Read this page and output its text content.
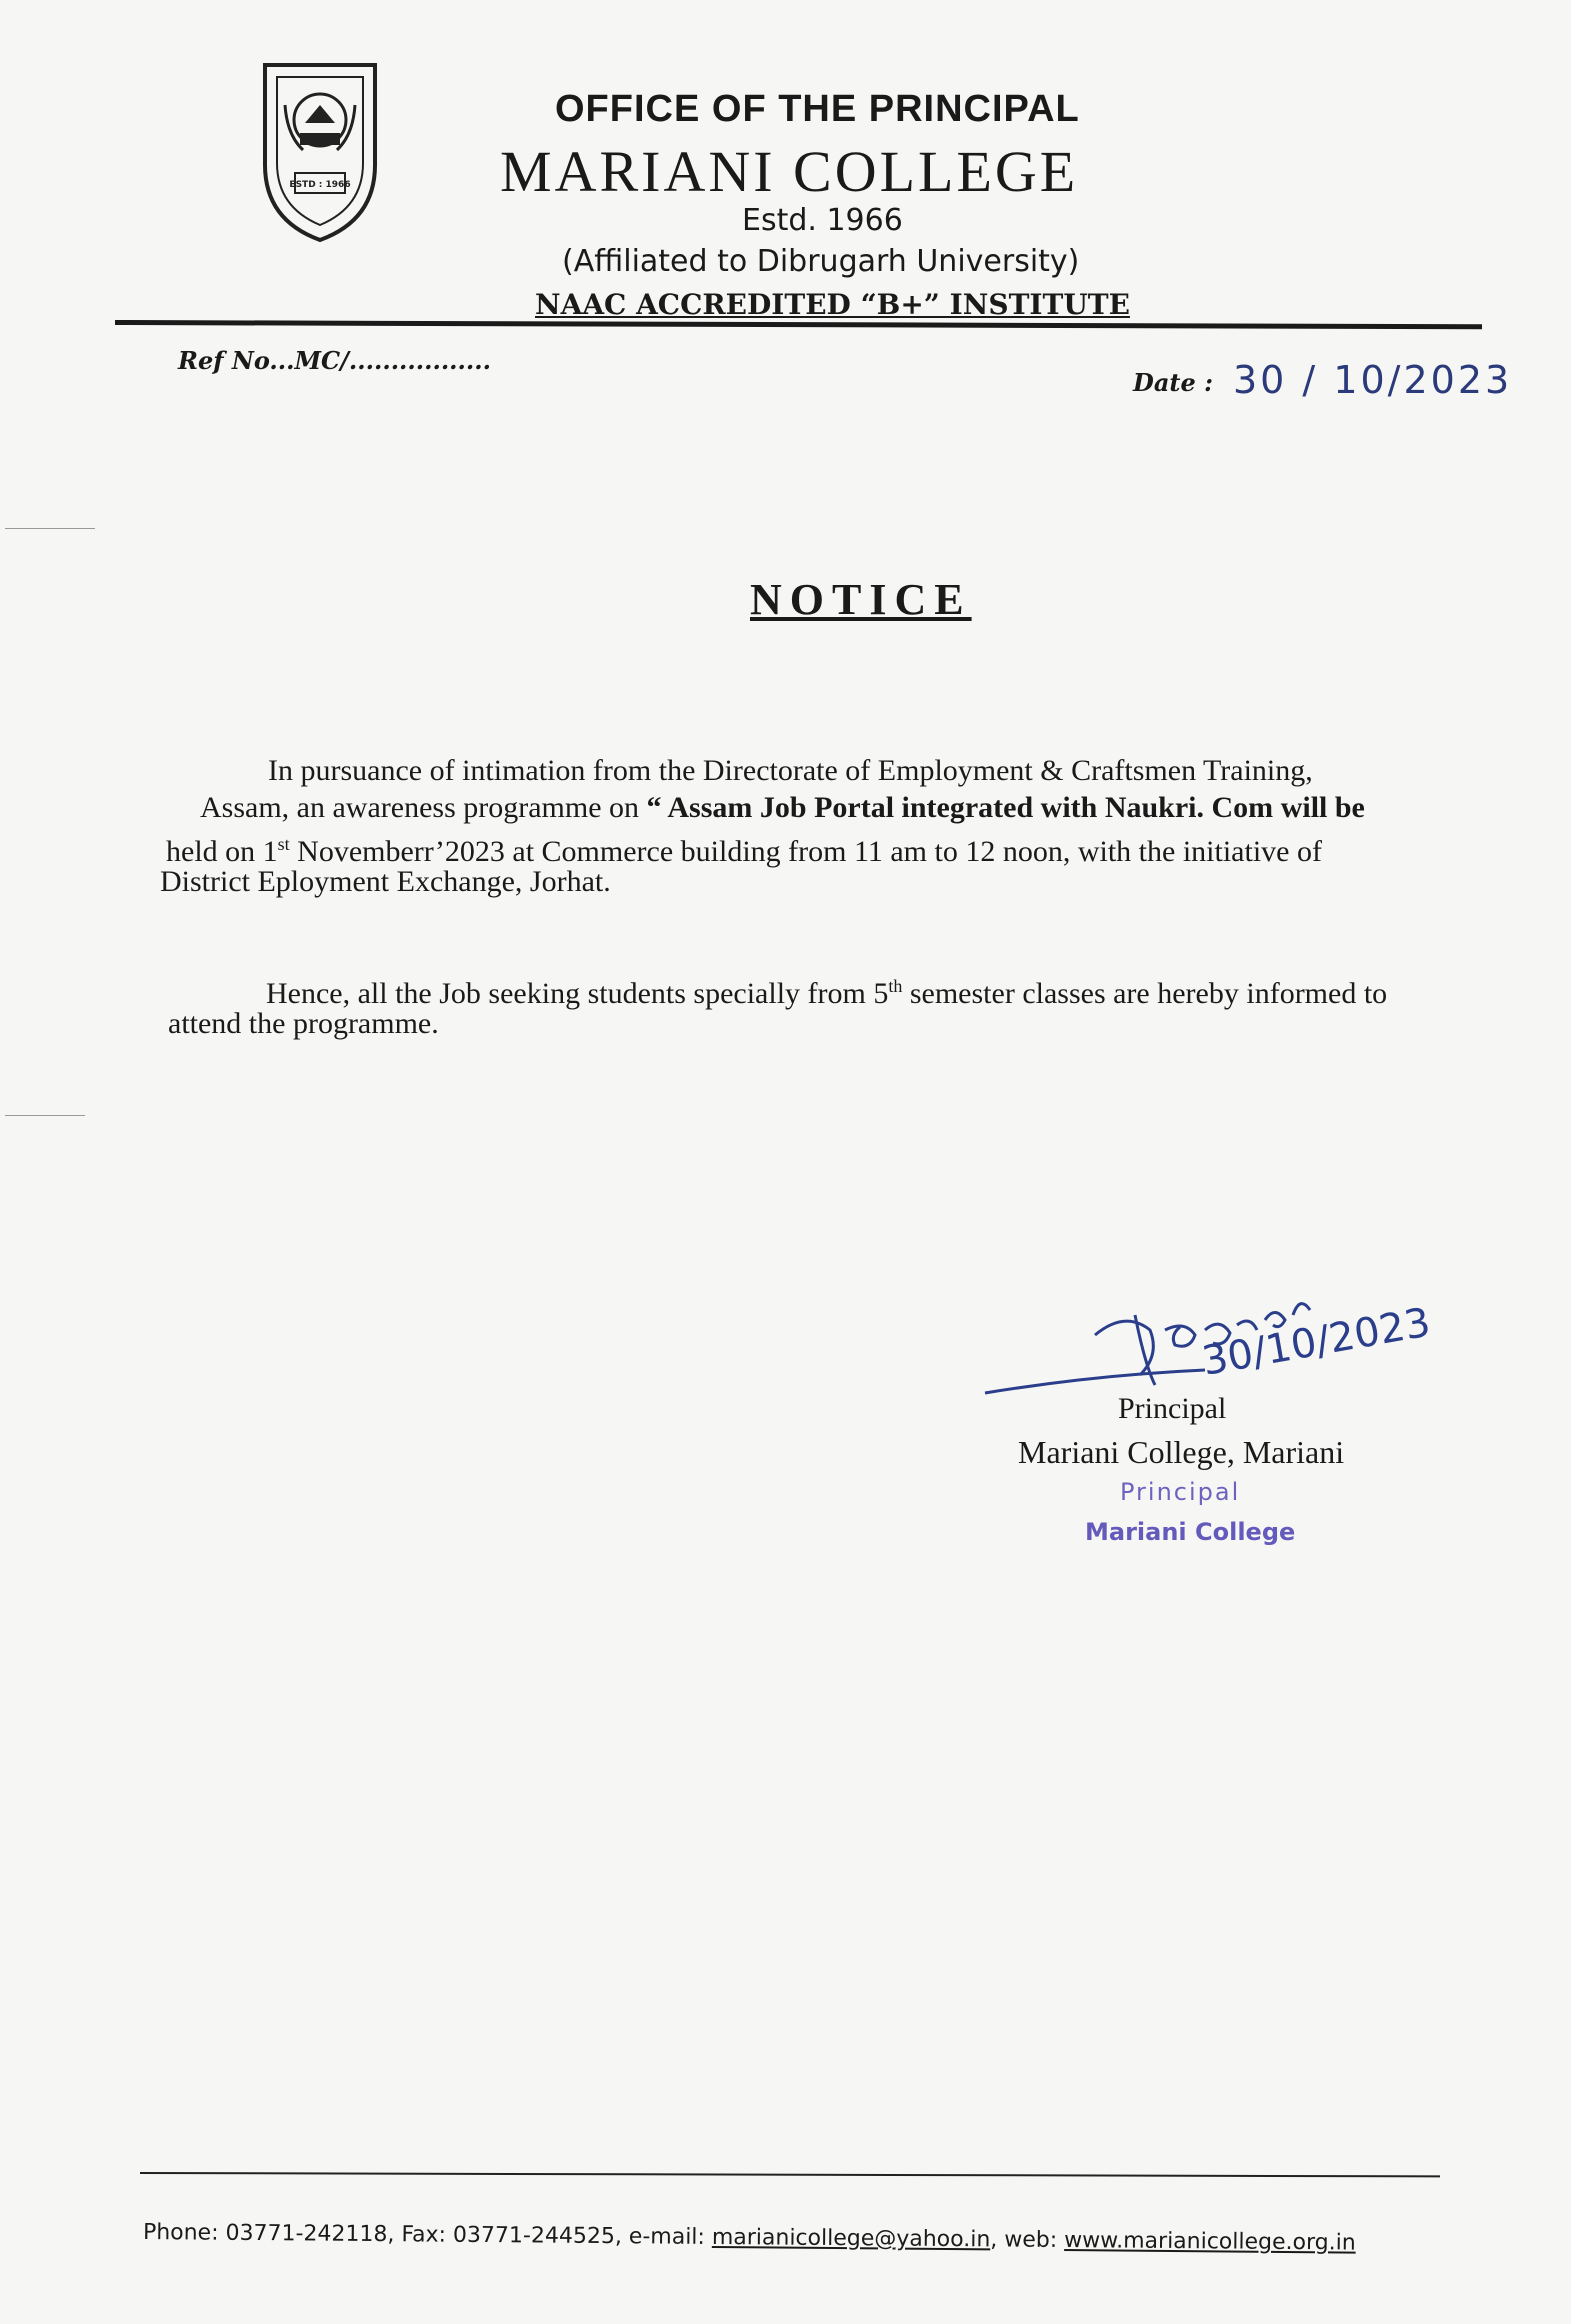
ESTD : 1966
OFFICE OF THE PRINCIPAL
MARIANI COLLEGE
Estd. 1966
(Affiliated to Dibrugarh University)
NAAC ACCREDITED “B+” INSTITUTE
Ref No...MC/.................
Date : 30 / 10/2023
NOTICE
In pursuance of intimation from the Directorate of Employment & Craftsmen Training,
Assam, an awareness programme on “ Assam Job Portal integrated with Naukri. Com will be
held on 1st Novemberr’2023 at Commerce building from 11 am to 12 noon, with the initiative of
District Eployment Exchange, Jorhat.
Hence, all the Job seeking students specially from 5th semester classes are hereby informed to
attend the programme.
30/10/2023
Principal
Mariani College, Mariani
Principal
Mariani College
Phone: 03771-242118, Fax: 03771-244525, e-mail: marianicollege@yahoo.in, web: www.marianicollege.org.in
